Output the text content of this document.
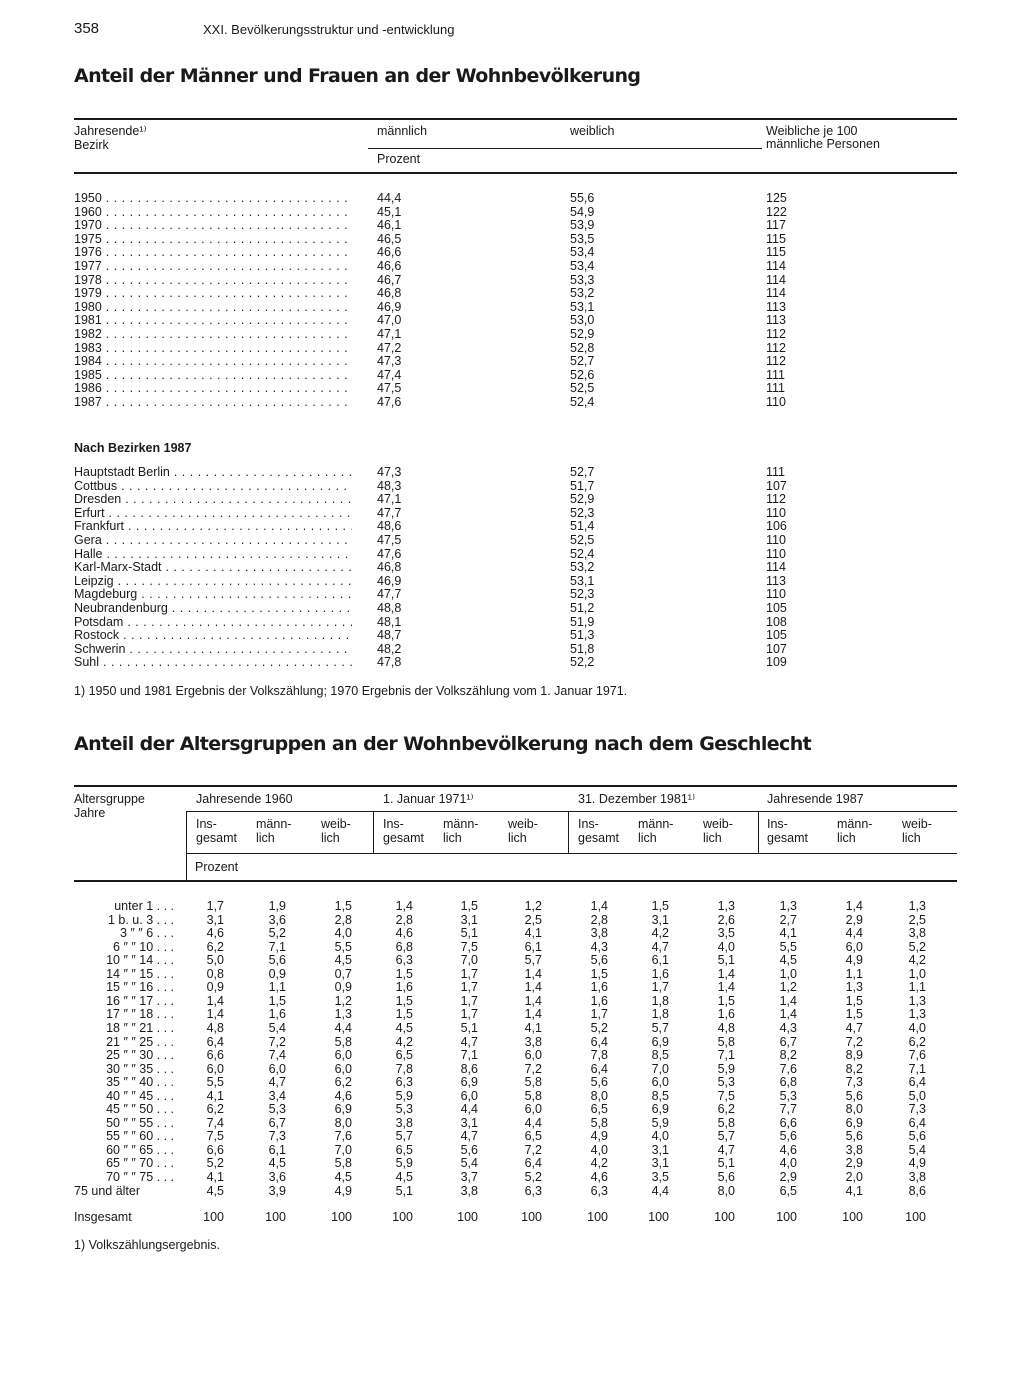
358	XXI. Bevölkerungsstruktur und -entwicklung
Anteil der Männer und Frauen an der Wohnbevölkerung
Jahresende¹⁾
Bezirk
männlich	weiblich	Weibliche je 100
männliche Personen
Prozent
1950 . . .	44,4	55,6	125
1960 . . .	45,1	54,9	122
1970 . . .	46,1	53,9	117
1975 . . .	46,5	53,5	115
1976 . . .	46,6	53,4	115
1977 . . .	46,6	53,4	114
1978 . . .	46,7	53,3	114
1979 . . .	46,8	53,2	114
1980 . . .	46,9	53,1	113
1981 . . .	47,0	53,0	113
1982 . . .	47,1	52,9	112
1983 . . .	47,2	52,8	112
1984 . . .	47,3	52,7	112
1985 . . .	47,4	52,6	111
1986 . . .	47,5	52,5	111
1987 . . .	47,6	52,4	110
Nach Bezirken 1987
Hauptstadt Berlin . . .	47,3	52,7	111
Cottbus . . .	48,3	51,7	107
Dresden . . .	47,1	52,9	112
Erfurt . . .	47,7	52,3	110
Frankfurt . . .	48,6	51,4	106
Gera . . .	47,5	52,5	110
Halle . . .	47,6	52,4	110
Karl-Marx-Stadt . . .	46,8	53,2	114
Leipzig . . .	46,9	53,1	113
Magdeburg . . .	47,7	52,3	110
Neubrandenburg . . .	48,8	51,2	105
Potsdam . . .	48,1	51,9	108
Rostock . . .	48,7	51,3	105
Schwerin . . .	48,2	51,8	107
Suhl . . .	47,8	52,2	109
1) 1950 und 1981 Ergebnis der Volkszählung; 1970 Ergebnis der Volkszählung vom 1. Januar 1971.
Anteil der Altersgruppen an der Wohnbevölkerung nach dem Geschlecht
Altersgruppe
Jahre
Jahresende 1960	1. Januar 1971¹⁾	31. Dezember 1981¹⁾	Jahresende 1987
Ins-
gesamt
männ-
lich
weib-
lich
Ins-
gesamt
männ-
lich
weib-
lich
Ins-
gesamt
männ-
lich
weib-
lich
Ins-
gesamt
männ-
lich
weib-
lich
Prozent
unter 1 . . .	1,7	1,9	1,5	1,4	1,5	1,2	1,4	1,5	1,3	1,3	1,4	1,3
1 b. u. 3 . . .	3,1	3,6	2,8	2,8	3,1	2,5	2,8	3,1	2,6	2,7	2,9	2,5
3 ″ ″ 6 . . .	4,6	5,2	4,0	4,6	5,1	4,1	3,8	4,2	3,5	4,1	4,4	3,8
6 ″ ″ 10 . . .	6,2	7,1	5,5	6,8	7,5	6,1	4,3	4,7	4,0	5,5	6,0	5,2
10 ″ ″ 14 . . .	5,0	5,6	4,5	6,3	7,0	5,7	5,6	6,1	5,1	4,5	4,9	4,2
14 ″ ″ 15 . . .	0,8	0,9	0,7	1,5	1,7	1,4	1,5	1,6	1,4	1,0	1,1	1,0
15 ″ ″ 16 . . .	0,9	1,1	0,9	1,6	1,7	1,4	1,6	1,7	1,4	1,2	1,3	1,1
16 ″ ″ 17 . . .	1,4	1,5	1,2	1,5	1,7	1,4	1,6	1,8	1,5	1,4	1,5	1,3
17 ″ ″ 18 . . .	1,4	1,6	1,3	1,5	1,7	1,4	1,7	1,8	1,6	1,4	1,5	1,3
18 ″ ″ 21 . . .	4,8	5,4	4,4	4,5	5,1	4,1	5,2	5,7	4,8	4,3	4,7	4,0
21 ″ ″ 25 . . .	6,4	7,2	5,8	4,2	4,7	3,8	6,4	6,9	5,8	6,7	7,2	6,2
25 ″ ″ 30 . . .	6,6	7,4	6,0	6,5	7,1	6,0	7,8	8,5	7,1	8,2	8,9	7,6
30 ″ ″ 35 . . .	6,0	6,0	6,0	7,8	8,6	7,2	6,4	7,0	5,9	7,6	8,2	7,1
35 ″ ″ 40 . . .	5,5	4,7	6,2	6,3	6,9	5,8	5,6	6,0	5,3	6,8	7,3	6,4
40 ″ ″ 45 . . .	4,1	3,4	4,6	5,9	6,0	5,8	8,0	8,5	7,5	5,3	5,6	5,0
45 ″ ″ 50 . . .	6,2	5,3	6,9	5,3	4,4	6,0	6,5	6,9	6,2	7,7	8,0	7,3
50 ″ ″ 55 . . .	7,4	6,7	8,0	3,8	3,1	4,4	5,8	5,9	5,8	6,6	6,9	6,4
55 ″ ″ 60 . . .	7,5	7,3	7,6	5,7	4,7	6,5	4,9	4,0	5,7	5,6	5,6	5,6
60 ″ ″ 65 . . .	6,6	6,1	7,0	6,5	5,6	7,2	4,0	3,1	4,7	4,6	3,8	5,4
65 ″ ″ 70 . . .	5,2	4,5	5,8	5,9	5,4	6,4	4,2	3,1	5,1	4,0	2,9	4,9
70 ″ ″ 75 . . .	4,1	3,6	4,5	4,5	3,7	5,2	4,6	3,5	5,6	2,9	2,0	3,8
75 und älter	4,5	3,9	4,9	5,1	3,8	6,3	6,3	4,4	8,0	6,5	4,1	8,6
Insgesamt	100	100	100	100	100	100	100	100	100	100	100	100
1) Volkszählungsergebnis.
